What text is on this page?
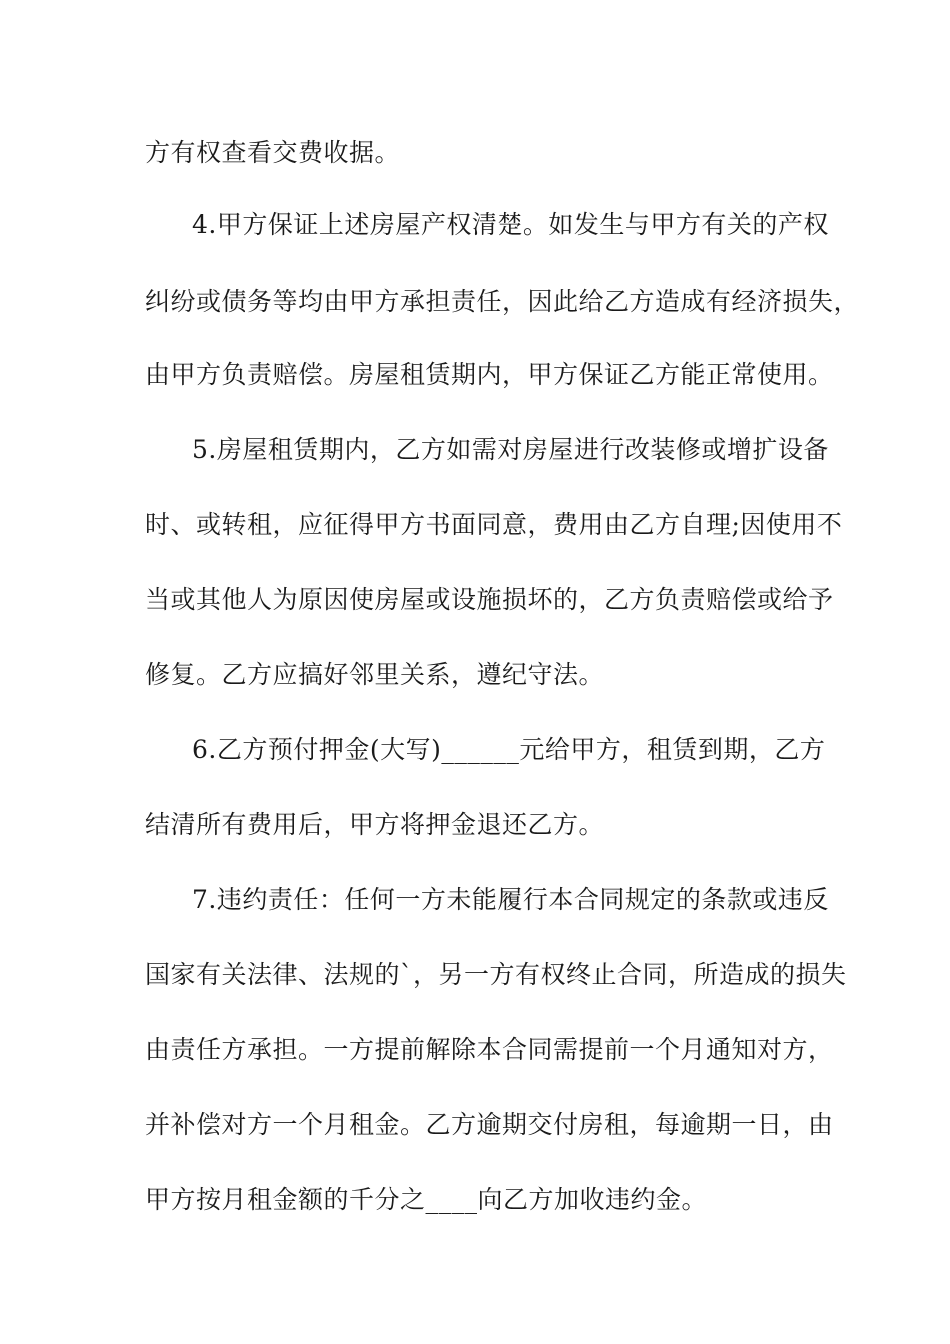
方有权查看交费收据。
4.甲方保证上述房屋产权清楚。如发生与甲方有关的产权
纠纷或债务等均由甲方承担责任，因此给乙方造成有经济损失，
由甲方负责赔偿。房屋租赁期内，甲方保证乙方能正常使用。
5.房屋租赁期内，乙方如需对房屋进行改装修或增扩设备
时、或转租，应征得甲方书面同意，费用由乙方自理;因使用不
当或其他人为原因使房屋或设施损坏的，乙方负责赔偿或给予
修复。乙方应搞好邻里关系，遵纪守法。
6.乙方预付押金(大写)______元给甲方，租赁到期，乙方
结清所有费用后，甲方将押金退还乙方。
7.违约责任：任何一方未能履行本合同规定的条款或违反
国家有关法律、法规的`，另一方有权终止合同，所造成的损失
由责任方承担。一方提前解除本合同需提前一个月通知对方，
并补偿对方一个月租金。乙方逾期交付房租，每逾期一日，由
甲方按月租金额的千分之____向乙方加收违约金。
